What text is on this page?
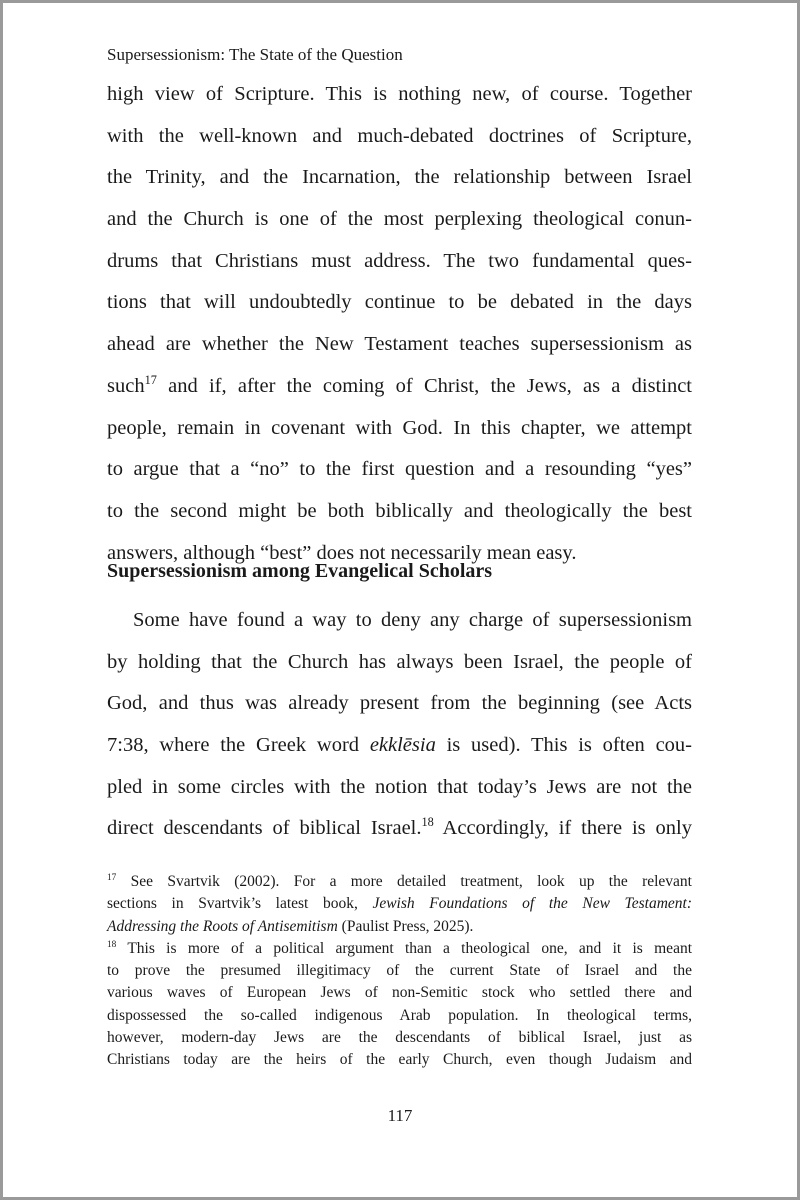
Supersessionism: The State of the Question
high view of Scripture. This is nothing new, of course. Together
with the well-known and much-debated doctrines of Scripture,
the Trinity, and the Incarnation, the relationship between Israel
and the Church is one of the most perplexing theological conun-
drums that Christians must address. The two fundamental ques-
tions that will undoubtedly continue to be debated in the days
ahead are whether the New Testament teaches supersessionism as
such$^{17}$ and if, after the coming of Christ, the Jews, as a distinct
people, remain in covenant with God. In this chapter, we attempt
to argue that a “no” to the first question and a resounding “yes”
to the second might be both biblically and theologically the best
answers, although “best” does not necessarily mean easy.
Supersessionism among Evangelical Scholars
Some have found a way to deny any charge of supersessionism
by holding that the Church has always been Israel, the people of
God, and thus was already present from the beginning (see Acts
7:38, where the Greek word ekklēsia is used). This is often cou-
pled in some circles with the notion that today’s Jews are not the
direct descendants of biblical Israel.$^{18}$ Accordingly, if there is only
$^{17}$ See Svartvik (2002). For a more detailed treatment, look up the relevant
sections in Svartvik’s latest book, Jewish Foundations of the New Testament:
Addressing the Roots of Antisemitism (Paulist Press, 2025).
$^{18}$ This is more of a political argument than a theological one, and it is meant
to prove the presumed illegitimacy of the current State of Israel and the
various waves of European Jews of non-Semitic stock who settled there and
dispossessed the so-called indigenous Arab population. In theological terms,
however, modern-day Jews are the descendants of biblical Israel, just as
Christians today are the heirs of the early Church, even though Judaism and
117
